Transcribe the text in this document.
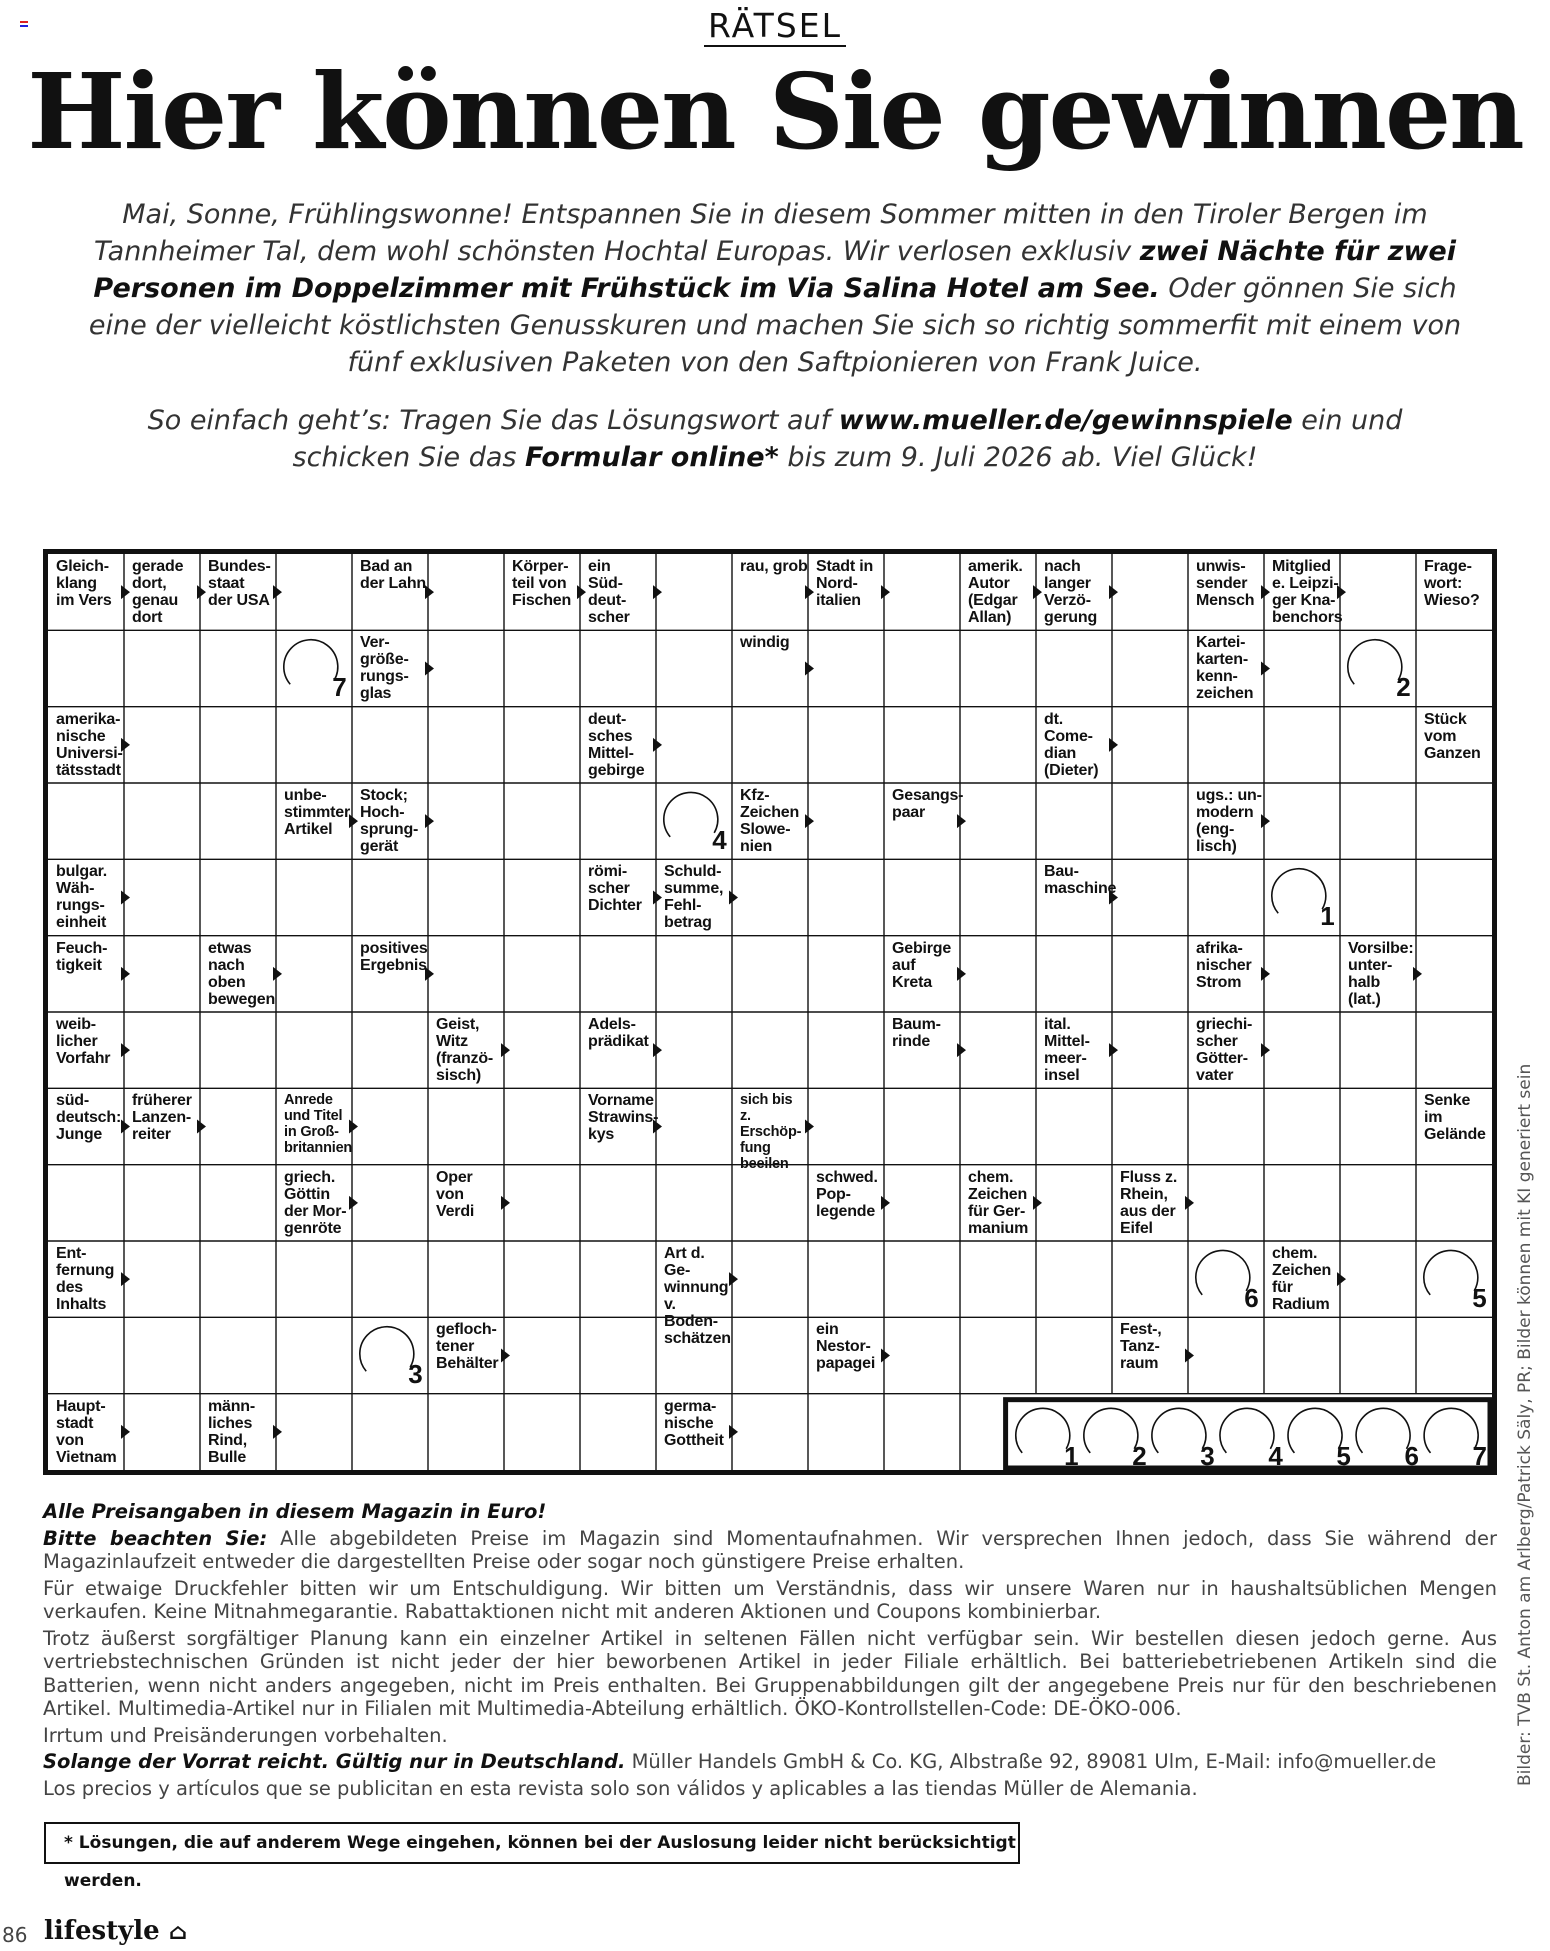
RÄTSEL
Hier können Sie gewinnen
Mai, Sonne, Frühlingswonne! Entspannen Sie in diesem Sommer mitten in den Tiroler Bergen im Tannheimer Tal, dem wohl schönsten Hochtal Europas. Wir verlosen exklusiv zwei Nächte für zwei Personen im Doppelzimmer mit Frühstück im Via Salina Hotel am See. Oder gönnen Sie sich eine der vielleicht köstlichsten Genusskuren und machen Sie sich so richtig sommerfit mit einem von fünf exklusiven Paketen von den Saftpionieren von Frank Juice.
So einfach geht’s: Tragen Sie das Lösungswort auf www.mueller.de/gewinnspiele ein und schicken Sie das Formular online* bis zum 9. Juli 2026 ab. Viel Glück!
1 2 3 4 5 6 7
7	2
4
1
6	5
3
Gleich-
klang
im Vers
gerade
dort,
genau
dort
Bundes-
staat
der USA
Bad an
der Lahn
Körper-
teil von
Fischen
ein
Süd-
deut-
scher
rau, grob Stadt in
Nord-
italien
amerik.
Autor
(Edgar
Allan)
nach
langer
Verzö-
gerung
unwis-
sender
Mensch
Mitglied
e. Leipzi-
ger Kna-
benchors
Frage-
wort:
Wieso?
Ver-
größe-
rungs-
glas
windig	Kartei-
karten-
kenn-
zeichen
amerika-
nische
Universi-
tätsstadt
deut-
sches
Mittel-
gebirge
dt.
Come-
dian
(Dieter)
Stück
vom
Ganzen
unbe-
stimmter
Artikel
Stock;
Hoch-
sprung-
gerät
Kfz-
Zeichen
Slowe-
nien
Gesangs-
paar
ugs.: un-
modern
(eng-
lisch)
bulgar.
Wäh-
rungs-
einheit
römi-
scher
Dichter
Schuld-
summe,
Fehl-
betrag
Bau-
maschine
Feuch-
tigkeit
etwas
nach
oben
bewegen
positives
Ergebnis
Gebirge
auf
Kreta
afrika-
nischer
Strom
Vorsilbe:
unter-
halb
(lat.)
weib-
licher
Vorfahr
Geist,
Witz
(franzö-
sisch)
Adels-
prädikat
Baum-
rinde
ital.
Mittel-
meer-
insel
griechi-
scher
Götter-
vater
süd-
deutsch:
Junge
früherer
Lanzen-
reiter
Anrede
und Titel
in Groß-
britannien
Vorname
Strawins-
kys
sich bis
z. Erschöp-
fung
beeilen
Senke
im
Gelände
griech.
Göttin
der Mor-
genröte
Oper
von
Verdi
schwed.
Pop-
legende
chem.
Zeichen
für Ger-
manium
Fluss z.
Rhein,
aus der
Eifel
Ent-
fernung
des
Inhalts
Art d. Ge-
winnung
v. Boden-
schätzen
chem.
Zeichen
für
Radium
gefloch-
tener
Behälter
ein
Nestor-
papagei
Fest-,
Tanz-
raum
Haupt-
stadt
von
Vietnam
männ-
liches
Rind,
Bulle
germa-
nische
Gottheit

Alle Preisangaben in diesem Magazin in Euro!

Bitte beachten Sie: Alle abgebildeten Preise im Magazin sind Momentaufnahmen. Wir versprechen Ihnen jedoch, dass Sie während der Magazinlaufzeit entweder die dargestellten Preise oder sogar noch günstigere Preise erhalten.

Für etwaige Druckfehler bitten wir um Entschuldigung. Wir bitten um Verständnis, dass wir unsere Waren nur in haushaltsüblichen Mengen verkaufen. Keine Mitnahmegarantie. Rabattaktionen nicht mit anderen Aktionen und Coupons kombinierbar.

Trotz äußerst sorgfältiger Planung kann ein einzelner Artikel in seltenen Fällen nicht verfügbar sein. Wir bestellen diesen jedoch gerne. Aus vertriebstechnischen Gründen ist nicht jeder der hier beworbenen Artikel in jeder Filiale erhältlich. Bei batteriebetriebenen Artikeln sind die Batterien, wenn nicht anders angegeben, nicht im Preis enthalten. Bei Gruppenabbildungen gilt der angegebene Preis nur für den beschriebenen Artikel. Multimedia-Artikel nur in Filialen mit Multimedia-Abteilung erhältlich. ÖKO-Kontrollstellen-Code: DE-ÖKO-006.

Irrtum und Preisänderungen vorbehalten.

Solange der Vorrat reicht. Gültig nur in Deutschland. Müller Handels GmbH & Co. KG, Albstraße 92, 89081 Ulm, E-Mail: info@mueller.de

Los precios y artículos que se publicitan en esta revista solo son válidos y aplicables a las tiendas Müller de Alemania.

* Lösungen, die auf anderem Wege eingehen, können bei der Auslosung leider nicht berücksichtigt werden.
Bilder: TVB St. Anton am Arlberg/Patrick Säly, PR; Bilder können mit KI generiert sein
86 lifestyle ⌂
